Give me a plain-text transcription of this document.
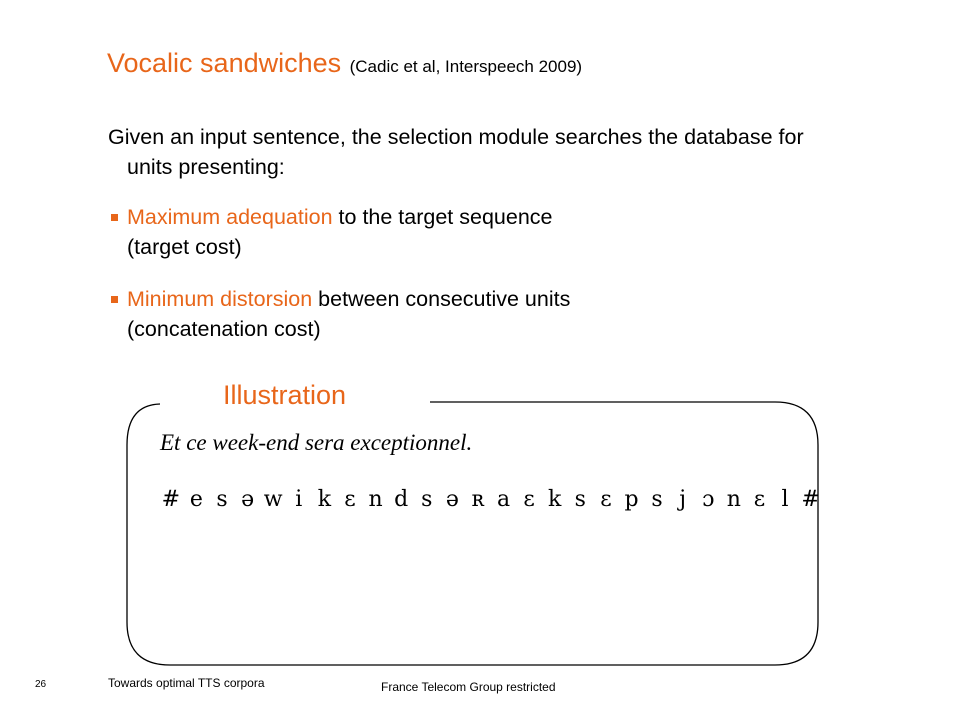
Vocalic sandwiches (Cadic et al, Interspeech 2009)
Given an input sentence, the selection module searches the database for units presenting:
Maximum adequation to the target sequence
(target cost)
Minimum distorsion between consecutive units
(concatenation cost)
Illustration
Et ce week-end sera exceptionnel.
# e s ə w i k ɛ n d s ə ʀ a ɛ k s ɛ p s j ɔ n ɛ l #
26	Towards optimal TTS corpora	France Telecom Group restricted
